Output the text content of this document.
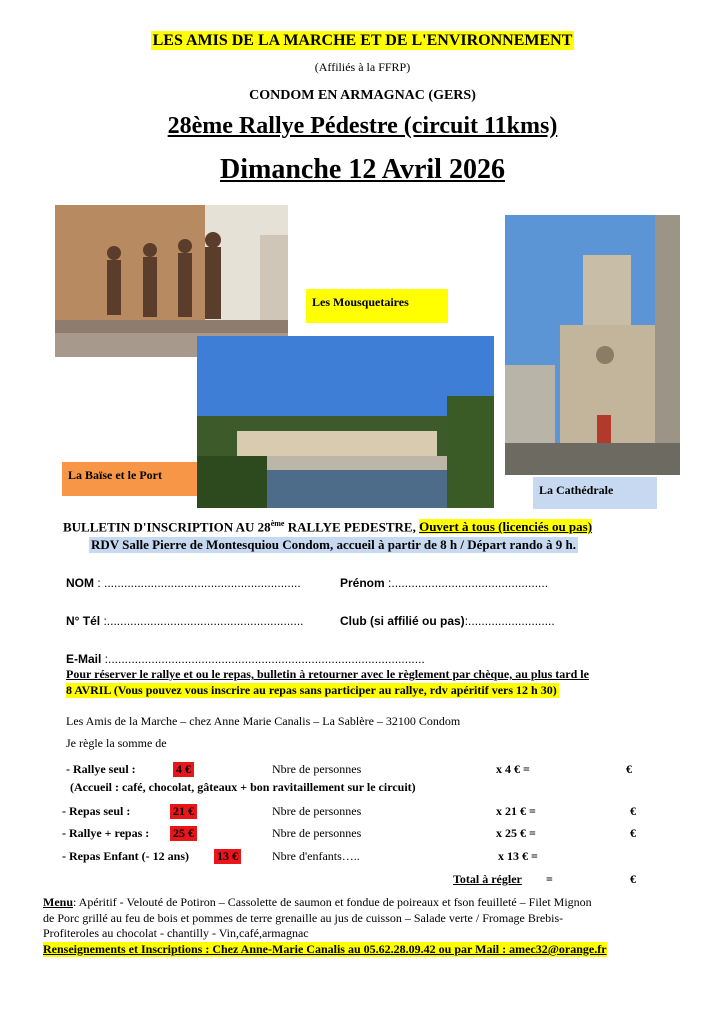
LES AMIS DE LA MARCHE ET DE L'ENVIRONNEMENT
(Affiliés à la FFRP)
CONDOM EN ARMAGNAC (GERS)
28ème Rallye Pédestre (circuit 11kms)
Dimanche 12 Avril 2026
Les Mousquetaires
La Cathédrale
La Baïse et le Port
BULLETIN D'INSCRIPTION AU 28ème RALLYE PEDESTRE, Ouvert à tous (licenciés ou pas)
RDV Salle Pierre de Montesquiou Condom, accueil à partir de 8 h / Départ rando à 9 h.
NOM : ...........................................................	Prénom :...............................................
N° Tél :...........................................................	Club (si affilié ou pas):..........................
E-Mail :...............................................................................................
Pour réserver le rallye et ou le repas, bulletin à retourner avec le règlement par chèque, au plus tard le
8 AVRIL (Vous pouvez vous inscrire au repas sans participer au rallye, rdv apéritif vers 12 h 30)
Les Amis de la Marche – chez Anne Marie Canalis – La Sablère – 32100 Condom
Je règle la somme de
- Rallye seul :	4 €	Nbre de personnes	x 4 € =	€
(Accueil : café, chocolat, gâteaux + bon ravitaillement sur le circuit)
- Repas seul :	21 €	Nbre de personnes	x 21 € =	€
- Rallye + repas : 25 €	Nbre de personnes	x 25 € =	€
- Repas Enfant (- 12 ans) 13 €	Nbre d'enfants…..	x 13 € =
Total à régler =	€
Menu: Apéritif - Velouté de Potiron – Cassolette de saumon et fondue de poireaux et fson feuilleté – Filet Mignon
de Porc grillé au feu de bois et pommes de terre grenaille au jus de cuisson – Salade verte / Fromage Brebis-
Profiteroles au chocolat - chantilly - Vin,café,armagnac
Renseignements et Inscriptions : Chez Anne-Marie Canalis au 05.62.28.09.42 ou par Mail : amec32@orange.fr
